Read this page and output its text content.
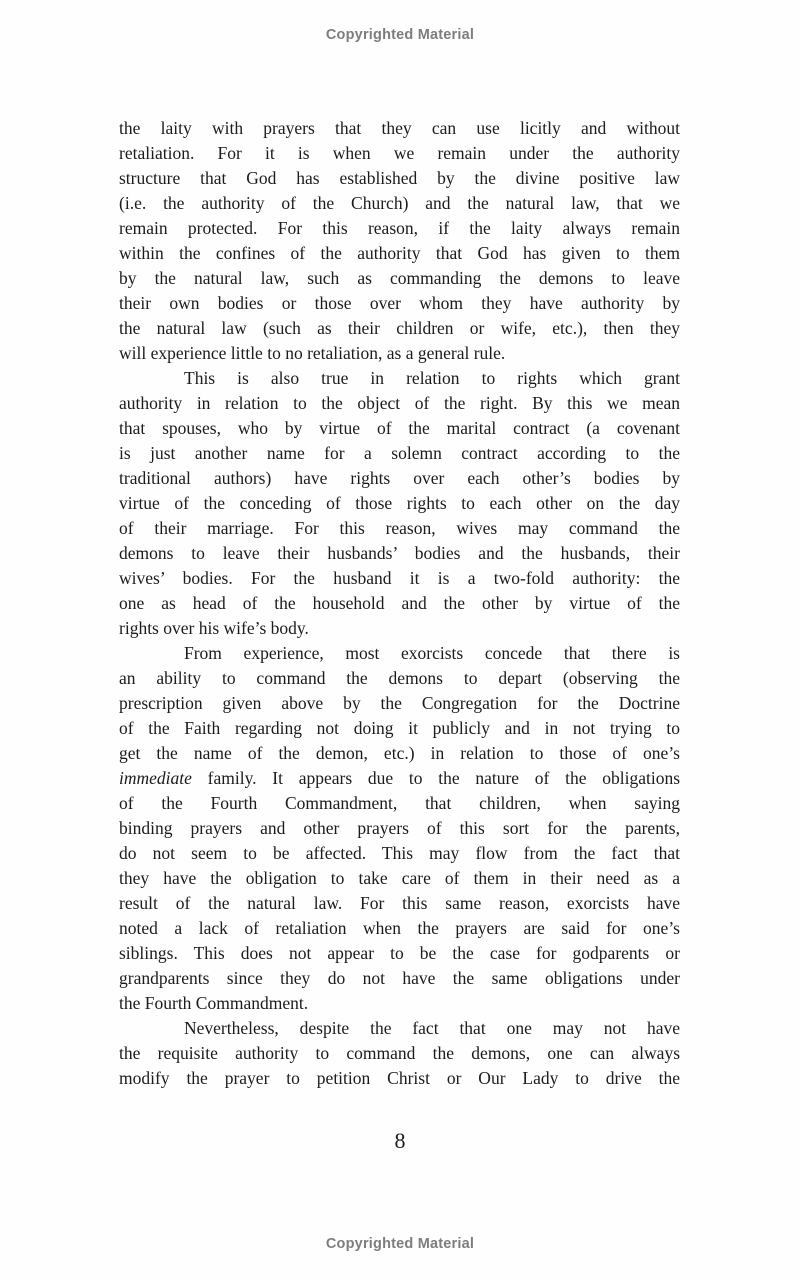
Copyrighted Material
the laity with prayers that they can use licitly and without
retaliation. For it is when we remain under the authority
structure that God has established by the divine positive law
(i.e. the authority of the Church) and the natural law, that we
remain protected. For this reason, if the laity always remain
within the confines of the authority that God has given to them
by the natural law, such as commanding the demons to leave
their own bodies or those over whom they have authority by
the natural law (such as their children or wife, etc.), then they
will experience little to no retaliation, as a general rule.
This is also true in relation to rights which grant
authority in relation to the object of the right. By this we mean
that spouses, who by virtue of the marital contract (a covenant
is just another name for a solemn contract according to the
traditional authors) have rights over each other’s bodies by
virtue of the conceding of those rights to each other on the day
of their marriage. For this reason, wives may command the
demons to leave their husbands’ bodies and the husbands, their
wives’ bodies. For the husband it is a two-fold authority: the
one as head of the household and the other by virtue of the
rights over his wife’s body.
From experience, most exorcists concede that there is
an ability to command the demons to depart (observing the
prescription given above by the Congregation for the Doctrine
of the Faith regarding not doing it publicly and in not trying to
get the name of the demon, etc.) in relation to those of one’s
immediate family. It appears due to the nature of the obligations
of the Fourth Commandment, that children, when saying
binding prayers and other prayers of this sort for the parents,
do not seem to be affected. This may flow from the fact that
they have the obligation to take care of them in their need as a
result of the natural law. For this same reason, exorcists have
noted a lack of retaliation when the prayers are said for one’s
siblings. This does not appear to be the case for godparents or
grandparents since they do not have the same obligations under
the Fourth Commandment.
Nevertheless, despite the fact that one may not have
the requisite authority to command the demons, one can always
modify the prayer to petition Christ or Our Lady to drive the
8
Copyrighted Material
